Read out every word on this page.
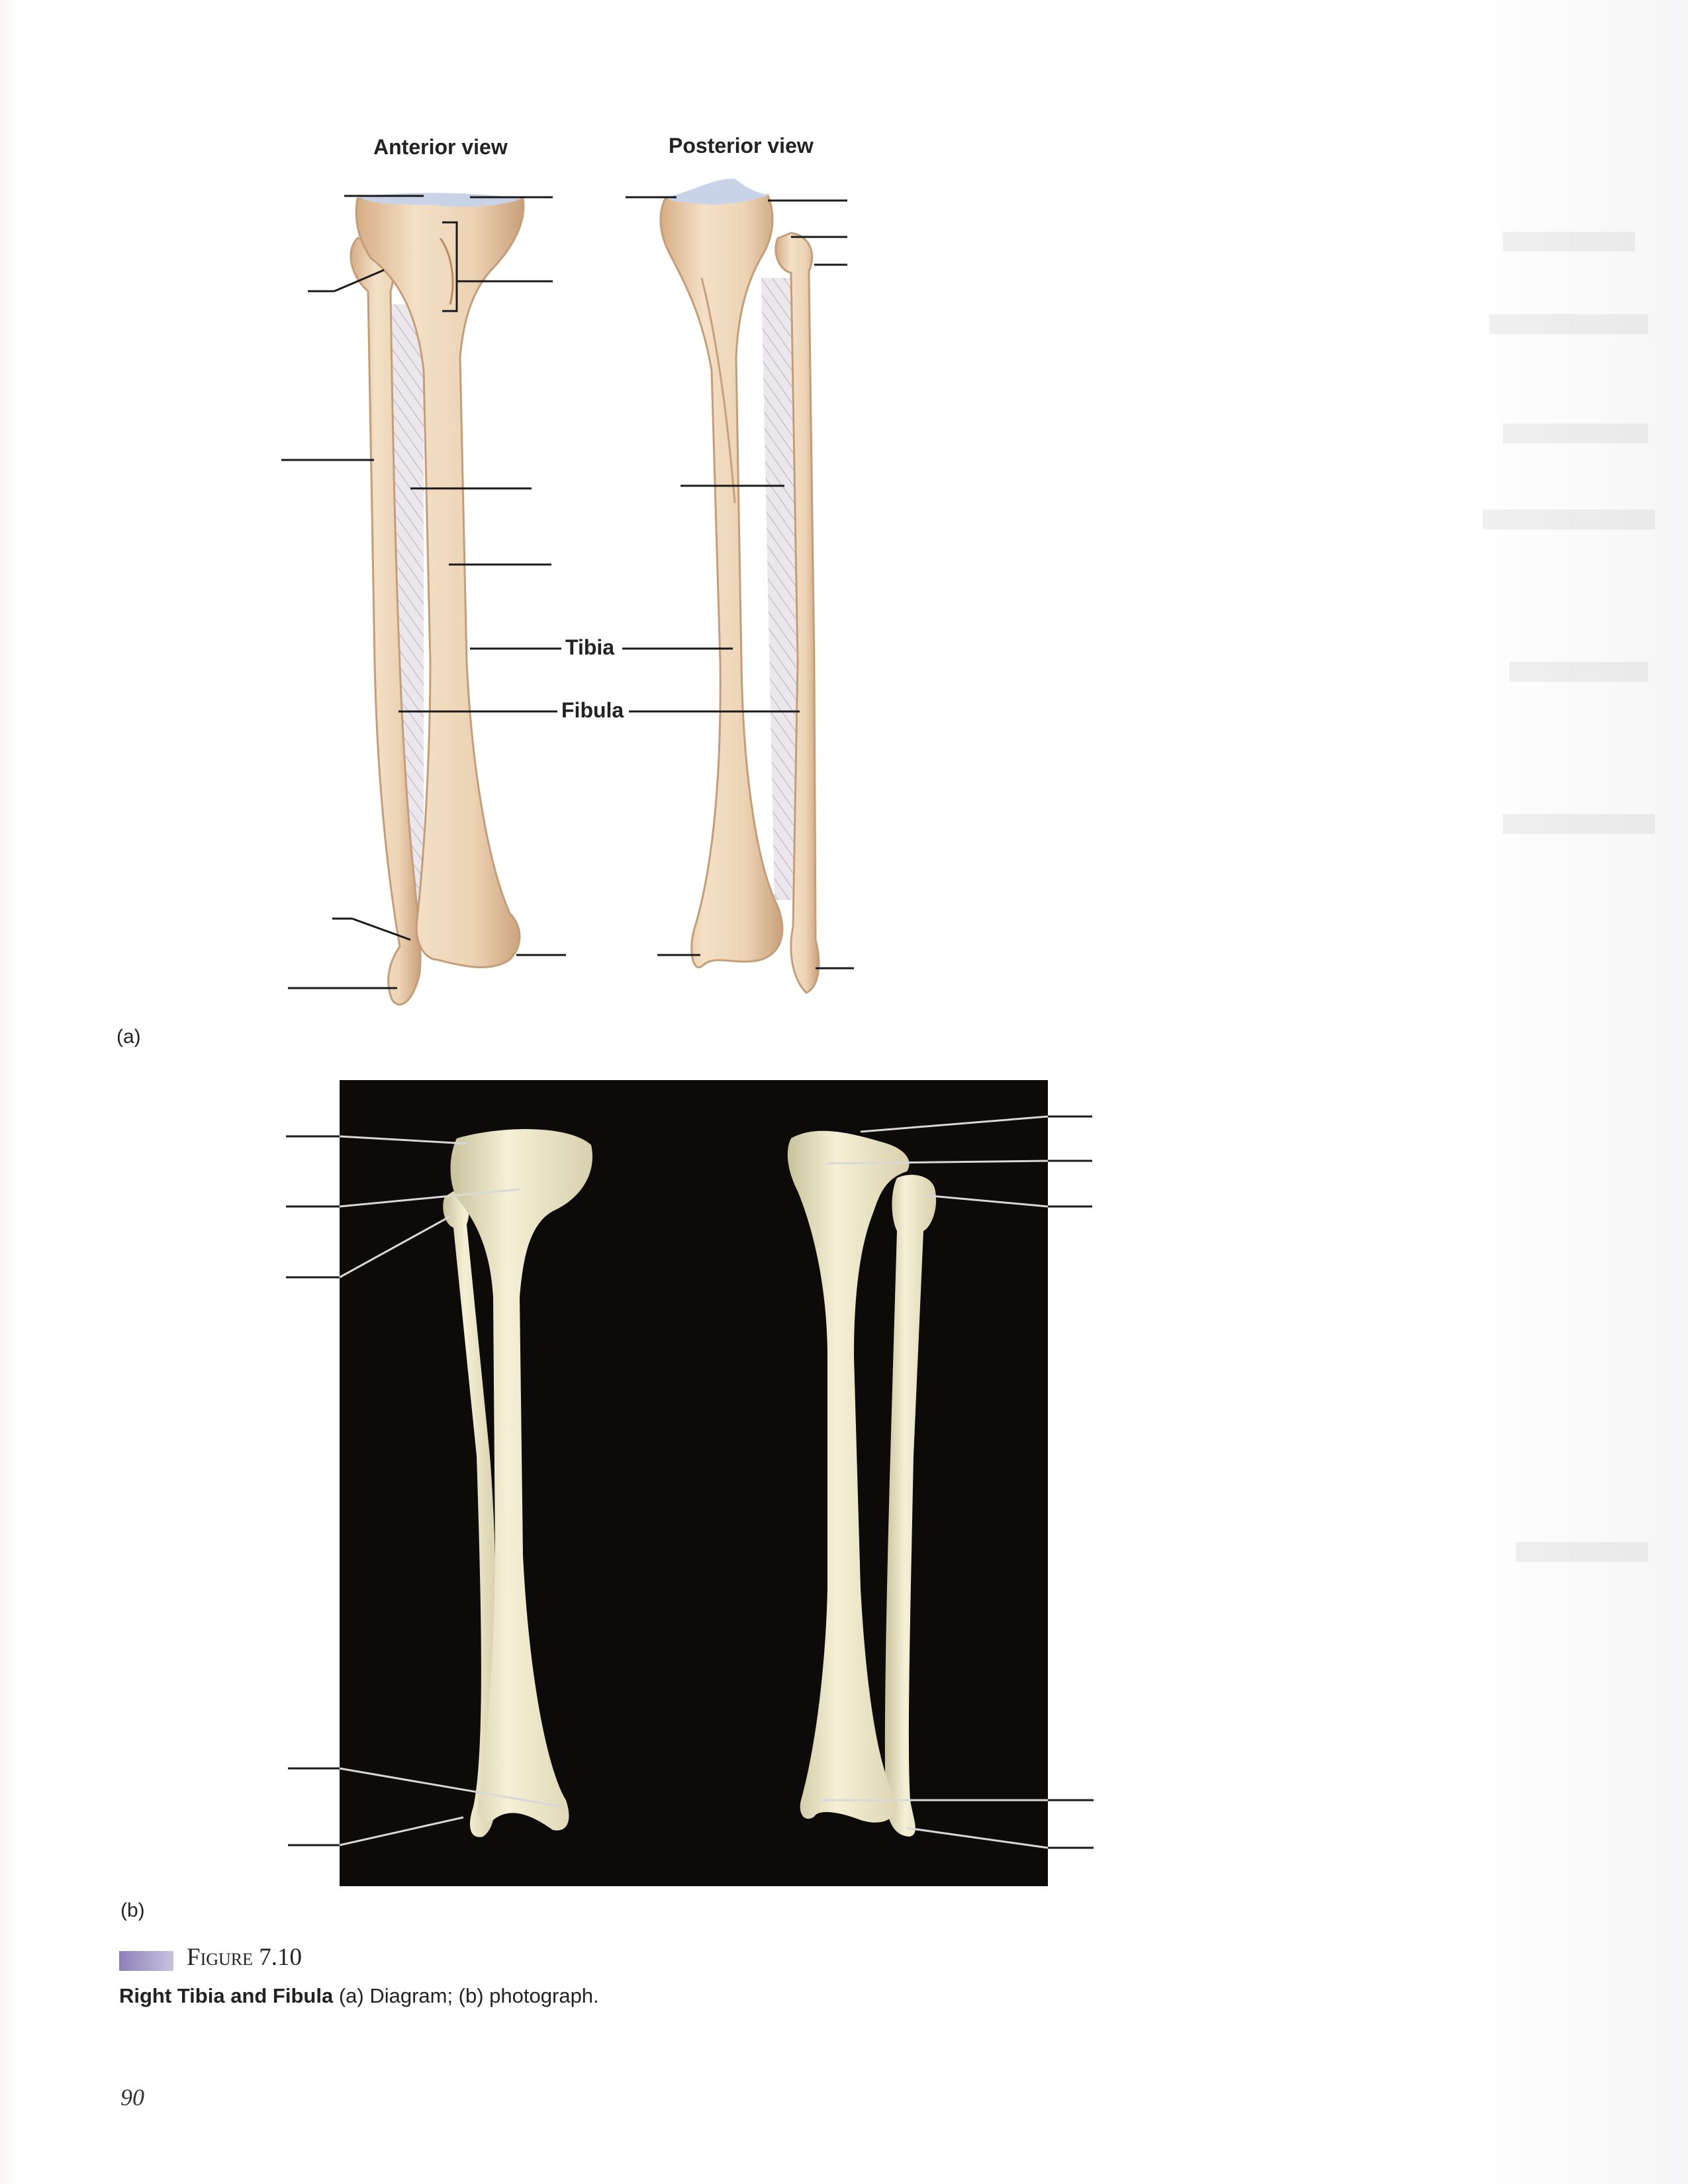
Anterior view	Posterior view
Tibia
Fibula
(a)
(b)
Figure 7.10
Right Tibia and Fibula (a) Diagram; (b) photograph.
90
